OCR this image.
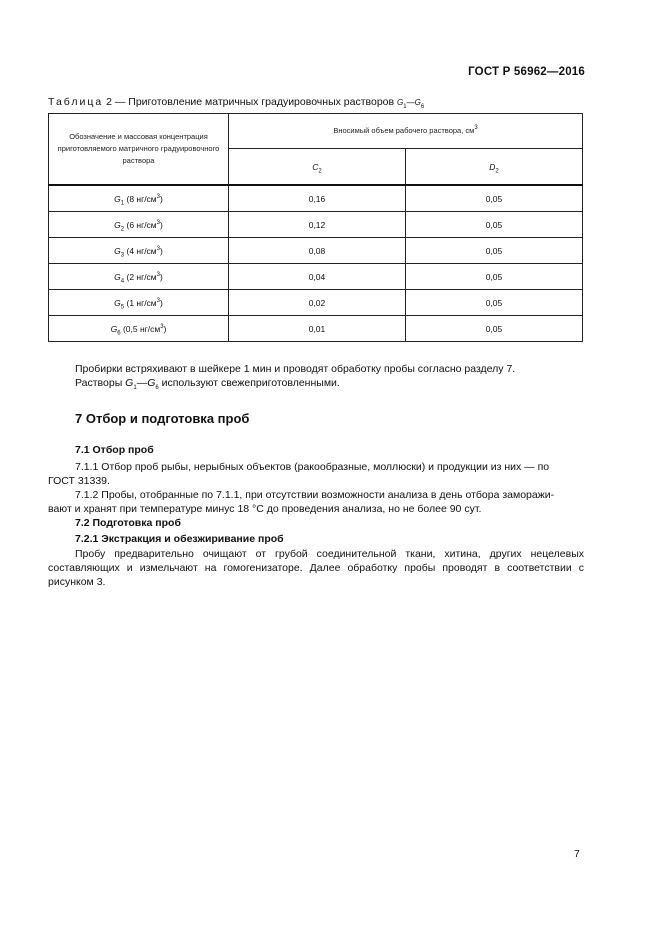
ГОСТ Р 56962—2016
Таблица 2 — Приготовление матричных градуировочных растворов $G_1—G_6$
Обозначение и массовая концентрация приготовляемого матричного градуировочного раствора	Вносимый объем рабочего раствора, $см^3$
	$C_2$	$D_2$
$G_1$ (8 $нг/см^3$)	0,16	0,05
$G_2$ (6 $нг/см^3$)	0,12	0,05
$G_3$ (4 $нг/см^3$)	0,08	0,05
$G_4$ (2 $нг/см^3$)	0,04	0,05
$G_5$ (1 $нг/см^3$)	0,02	0,05
$G_6$ (0,5 $нг/см^3$)	0,01	0,05
Пробирки встряхивают в шейкере 1 мин и проводят обработку пробы согласно разделу 7.
Растворы $G_1—G_6$ используют свежеприготовленными.
7 Отбор и подготовка проб
7.1 Отбор проб
7.1.1 Отбор проб рыбы, нерыбных объектов (ракообразные, моллюски) и продукции из них — по
ГОСТ 31339.
7.1.2 Пробы, отобранные по 7.1.1, при отсутствии возможности анализа в день отбора заморажи-
вают и хранят при температуре минус 18 °С до проведения анализа, но не более 90 сут.
7.2 Подготовка проб
7.2.1 Экстракция и обезжиривание проб
Пробу предварительно очищают от грубой соединительной ткани, хитина, других нецелевых
составляющих и измельчают на гомогенизаторе. Далее обработку пробы проводят в соответствии с
рисунком 3.
7
